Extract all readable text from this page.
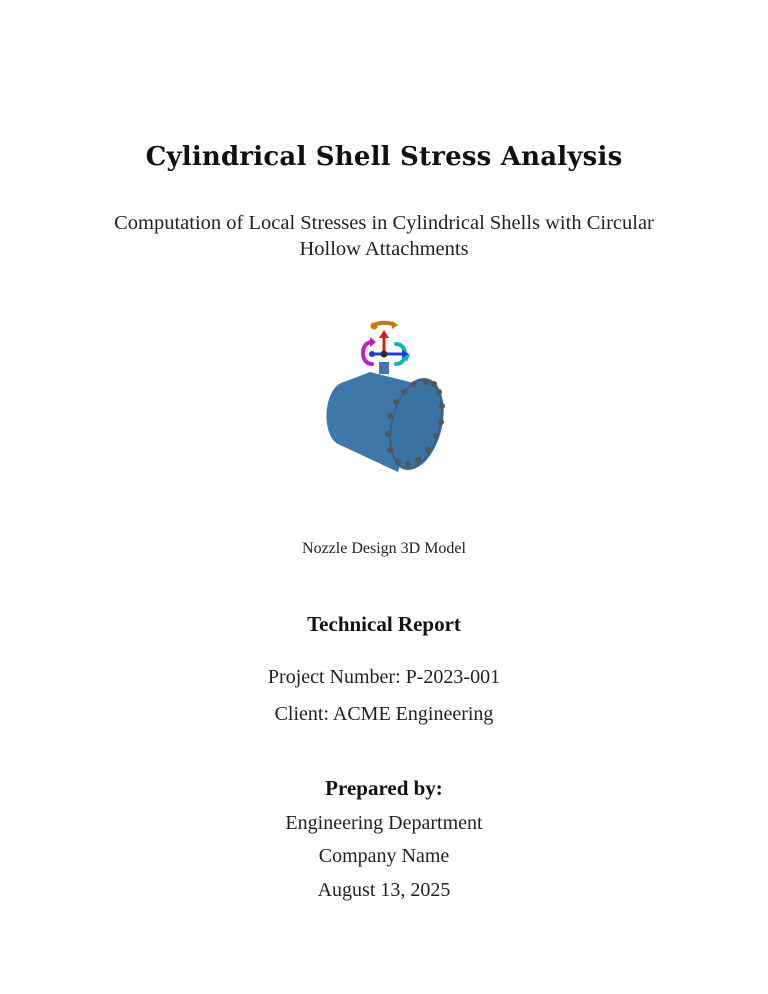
Cylindrical Shell Stress Analysis
Computation of Local Stresses in Cylindrical Shells with Circular Hollow Attachments
Nozzle Design 3D Model
Technical Report
Project Number: P-2023-001
Client: ACME Engineering
Prepared by:
Engineering Department
Company Name
August 13, 2025
